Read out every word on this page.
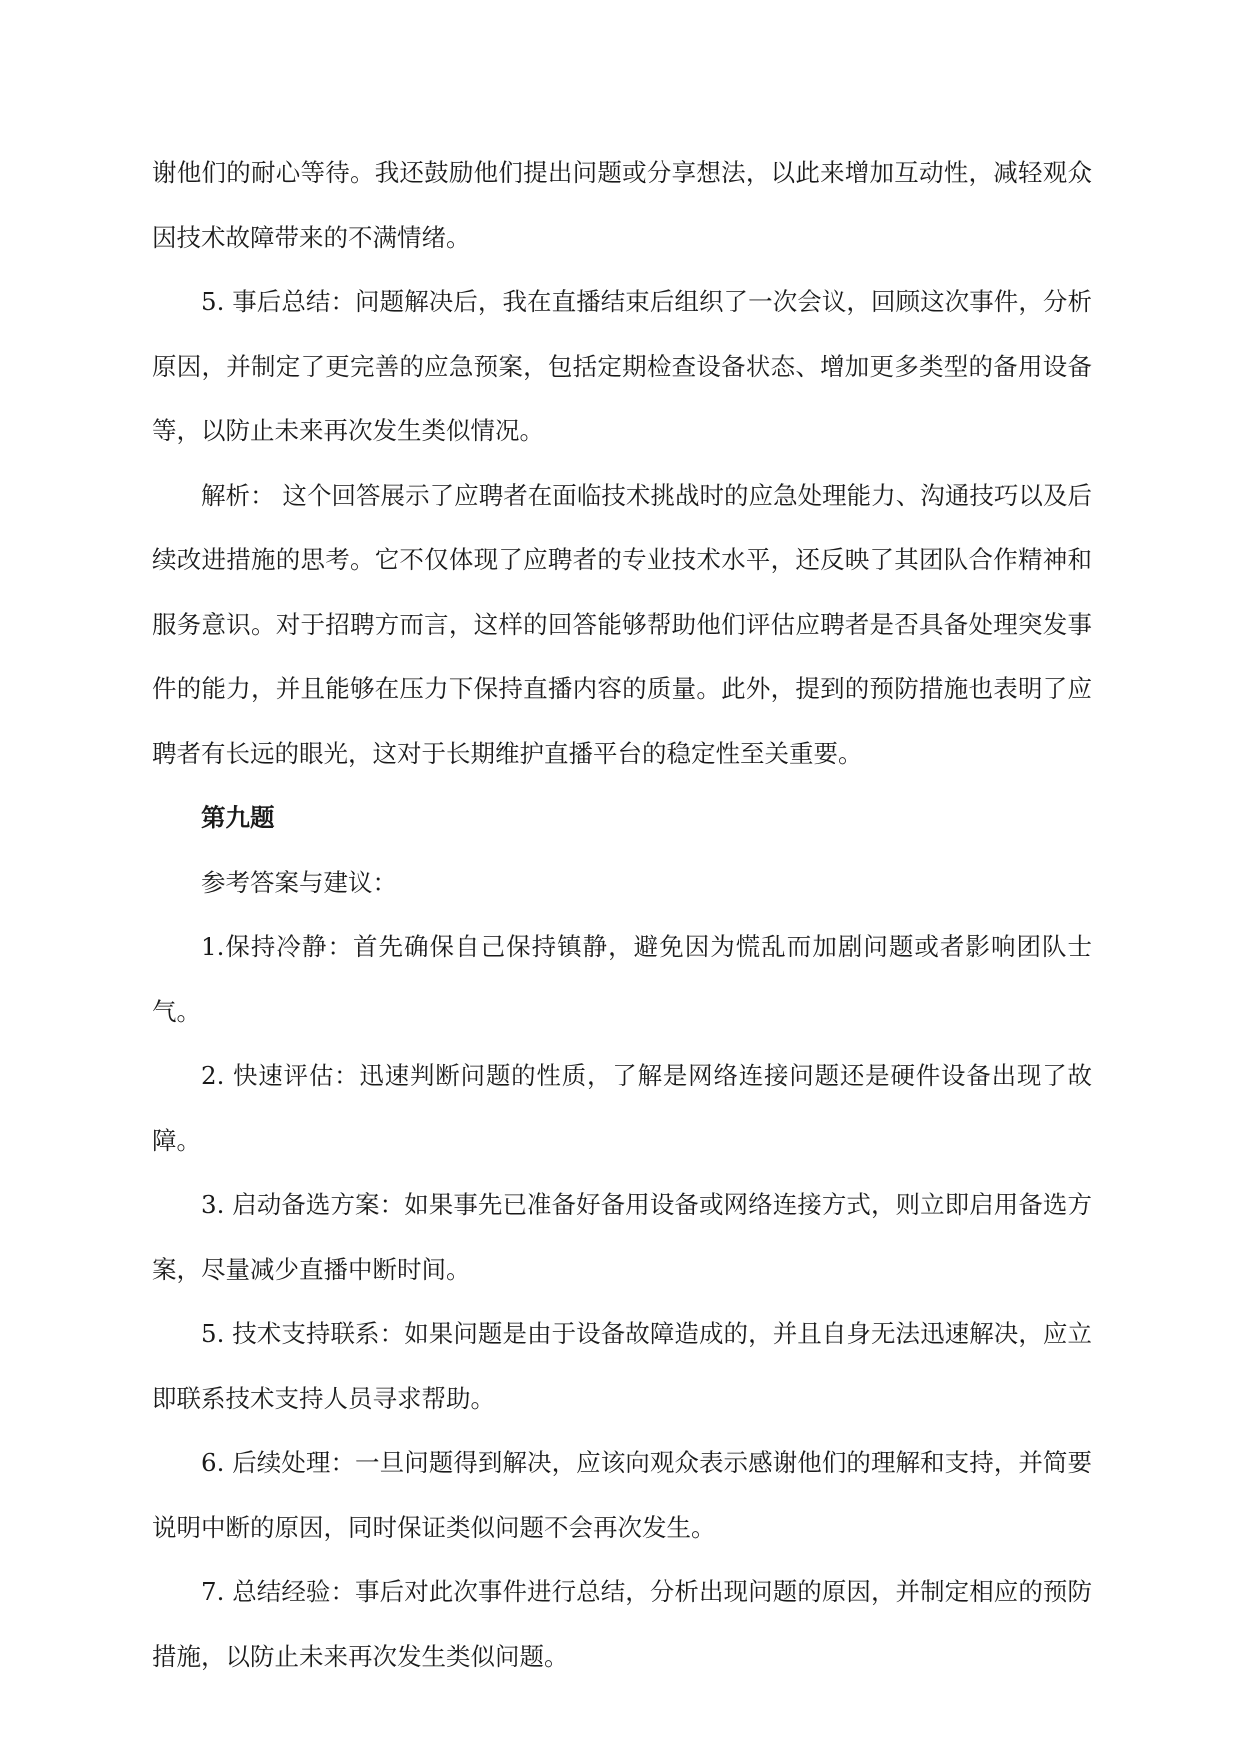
谢他们的耐心等待。我还鼓励他们提出问题或分享想法，以此来增加互动性，减轻观众因技术故障带来的不满情绪。

5. 事后总结：问题解决后，我在直播结束后组织了一次会议，回顾这次事件，分析原因，并制定了更完善的应急预案，包括定期检查设备状态、增加更多类型的备用设备等，以防止未来再次发生类似情况。

解析： 这个回答展示了应聘者在面临技术挑战时的应急处理能力、沟通技巧以及后续改进措施的思考。它不仅体现了应聘者的专业技术水平，还反映了其团队合作精神和服务意识。对于招聘方而言，这样的回答能够帮助他们评估应聘者是否具备处理突发事件的能力，并且能够在压力下保持直播内容的质量。此外，提到的预防措施也表明了应聘者有长远的眼光，这对于长期维护直播平台的稳定性至关重要。

第九题

参考答案与建议：

1.保持冷静：首先确保自己保持镇静，避免因为慌乱而加剧问题或者影响团队士气。

2. 快速评估：迅速判断问题的性质，了解是网络连接问题还是硬件设备出现了故障。

3. 启动备选方案：如果事先已准备好备用设备或网络连接方式，则立即启用备选方案，尽量减少直播中断时间。

5. 技术支持联系：如果问题是由于设备故障造成的，并且自身无法迅速解决，应立即联系技术支持人员寻求帮助。

6. 后续处理：一旦问题得到解决，应该向观众表示感谢他们的理解和支持，并简要说明中断的原因，同时保证类似问题不会再次发生。

7. 总结经验：事后对此次事件进行总结，分析出现问题的原因，并制定相应的预防措施，以防止未来再次发生类似问题。
